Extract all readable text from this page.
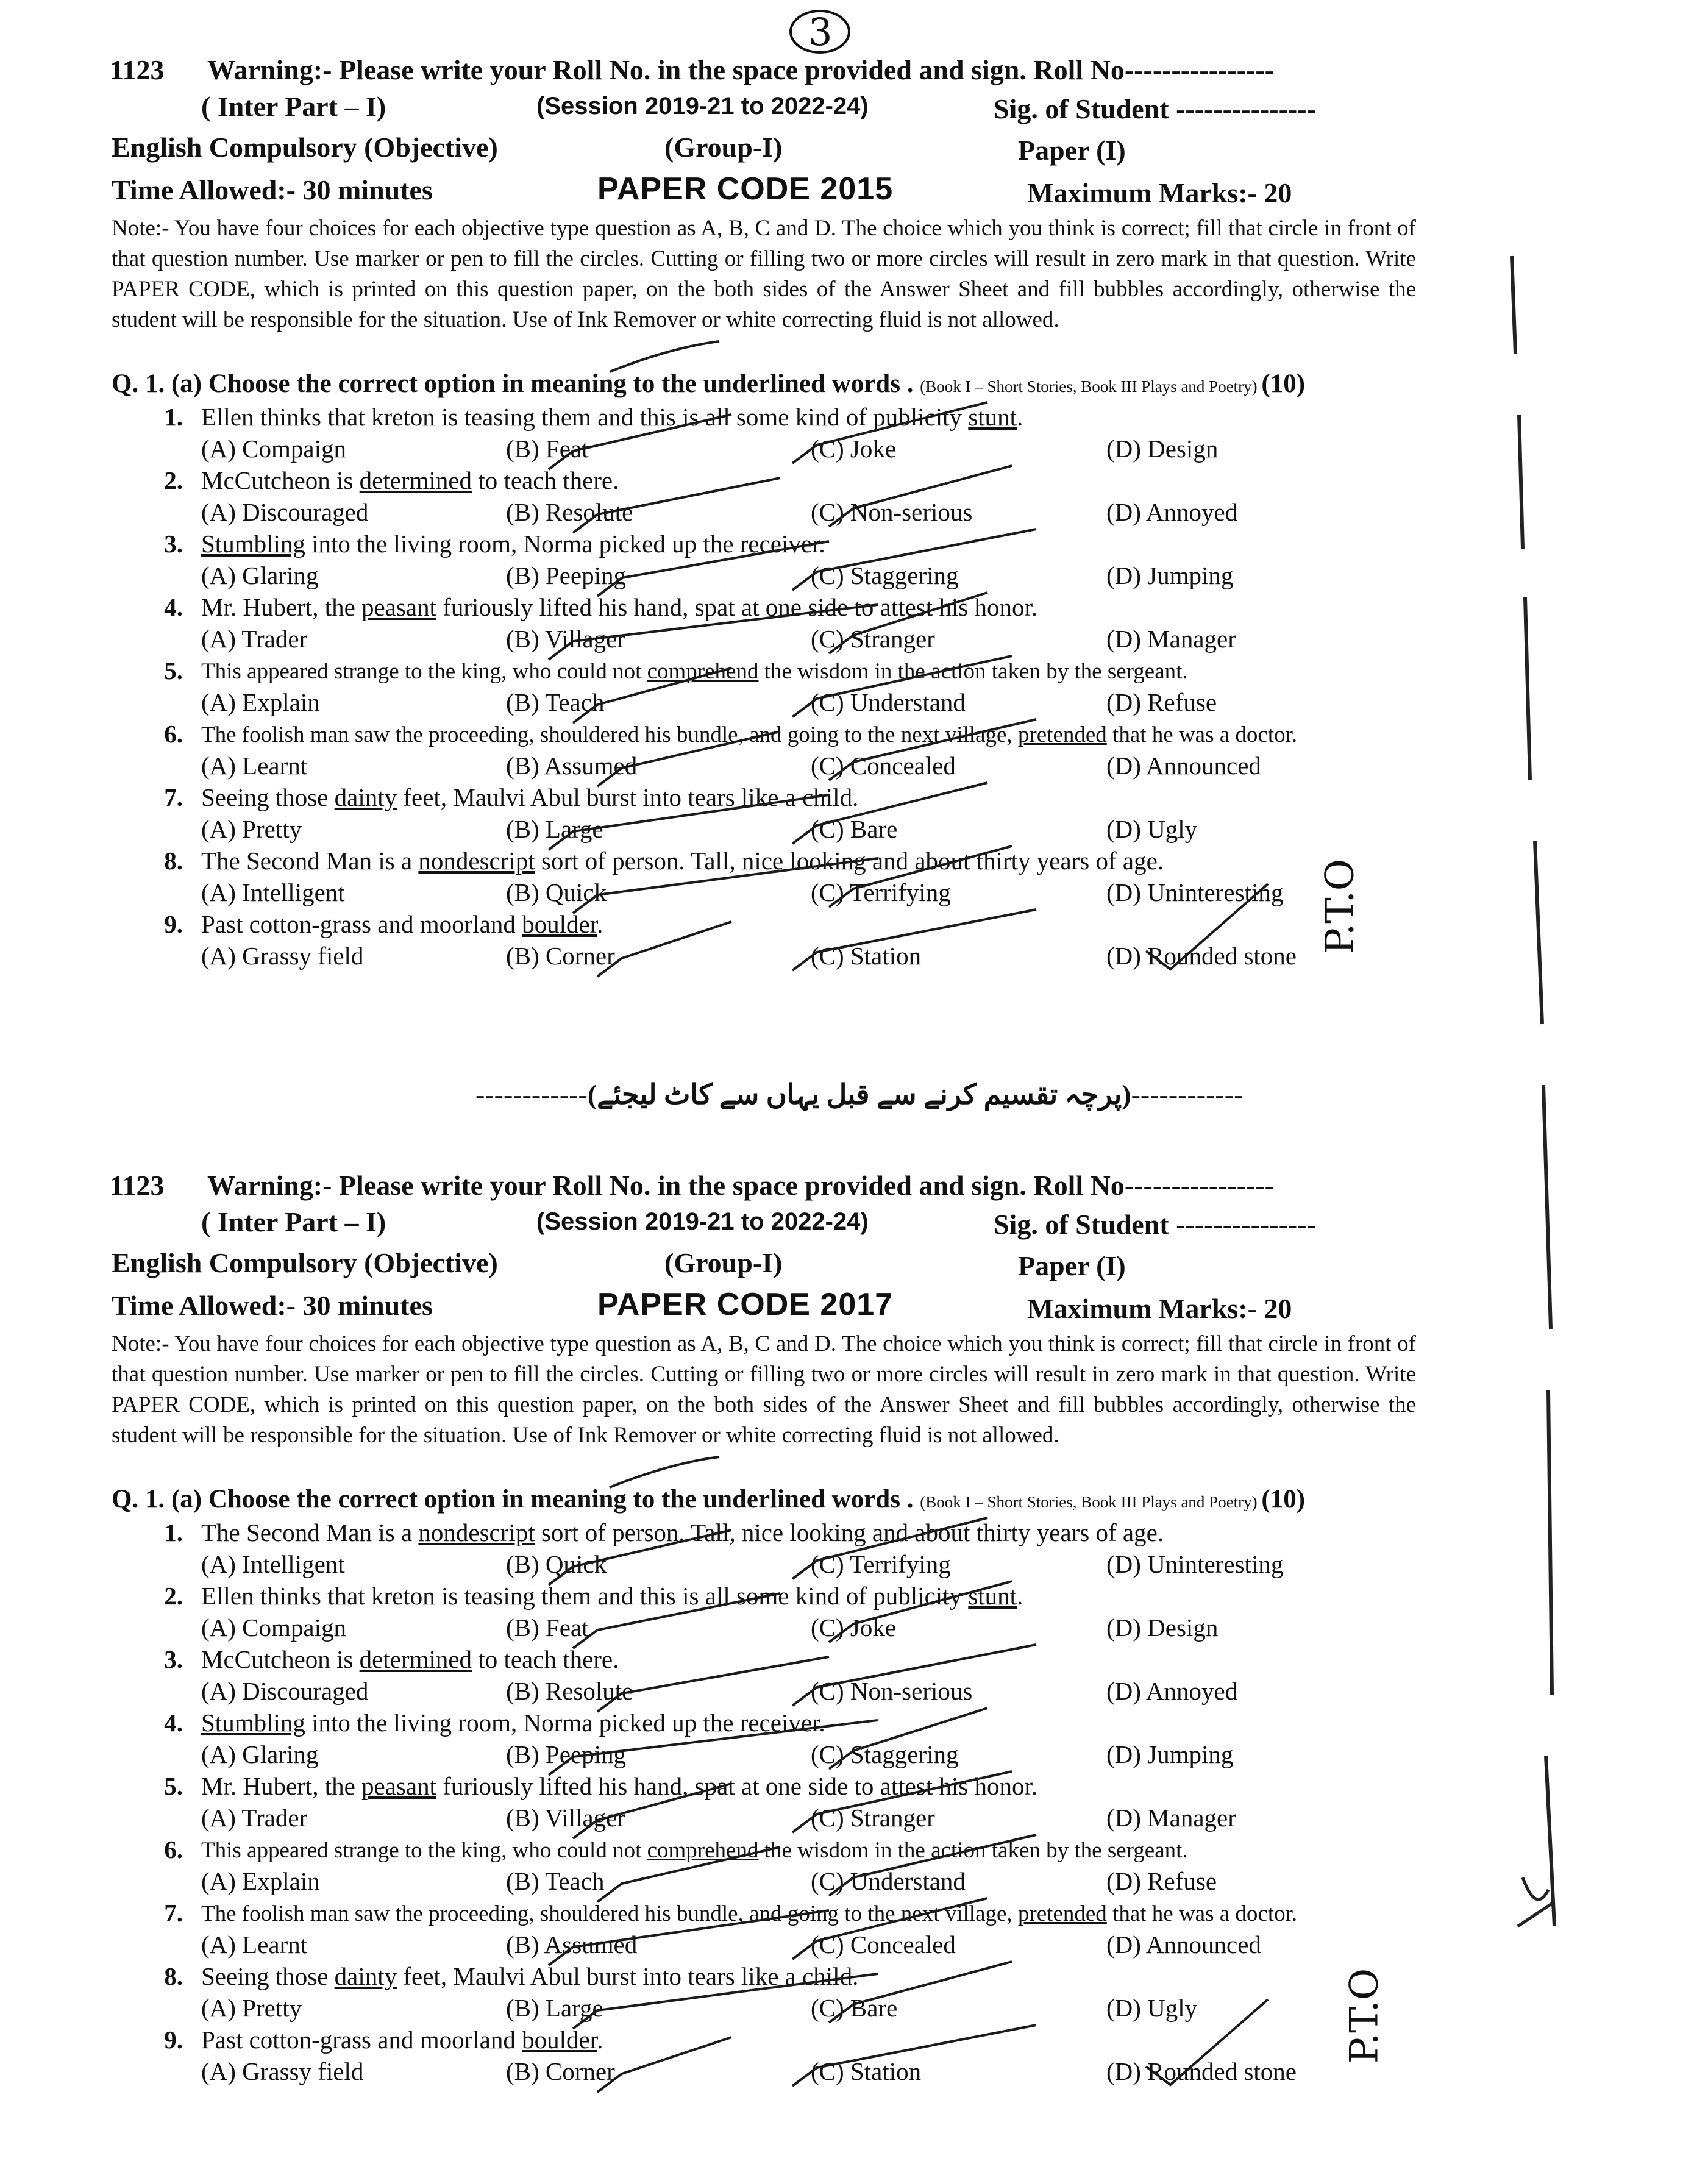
3
1123 Warning:- Please write your Roll No. in the space provided and sign. Roll No----------------
( Inter Part – I)	(Session 2019-21 to 2022-24)	Sig. of Student ---------------
English Compulsory (Objective)	(Group-I)	Paper (I)
Time Allowed:- 30 minutes	PAPER CODE 2015	Maximum Marks:- 20
Note:- You have four choices for each objective type question as A, B, C and D. The choice which you think is correct; fill that circle in front of that question number. Use marker or pen to fill the circles. Cutting or filling two or more circles will result in zero mark in that question. Write PAPER CODE, which is printed on this question paper, on the both sides of the Answer Sheet and fill bubbles accordingly, otherwise the student will be responsible for the situation. Use of Ink Remover or white correcting fluid is not allowed.
Q. 1. (a) Choose the correct option in meaning to the underlined words . (Book I – Short Stories, Book III Plays and Poetry) (10)
1. Ellen thinks that kreton is teasing them and this is all some kind of publicity stunt.
(A) Compaign	(B) Feat	(C) Joke	(D) Design
2. McCutcheon is determined to teach there.
(A) Discouraged	(B) Resolute	(C) Non-serious	(D) Annoyed
3. Stumbling into the living room, Norma picked up the receiver.
(A) Glaring	(B) Peeping	(C) Staggering	(D) Jumping
4. Mr. Hubert, the peasant furiously lifted his hand, spat at one side to attest his honor.
(A) Trader	(B) Villager	(C) Stranger	(D) Manager
5. This appeared strange to the king, who could not comprehend the wisdom in the action taken by the sergeant.
(A) Explain	(B) Teach	(C) Understand	(D) Refuse
6. The foolish man saw the proceeding, shouldered his bundle, and going to the next village, pretended that he was a doctor.
(A) Learnt	(B) Assumed	(C) Concealed	(D) Announced
7. Seeing those dainty feet, Maulvi Abul burst into tears like a child.
(A) Pretty	(B) Large	(C) Bare	(D) Ugly
8. The Second Man is a nondescript sort of person. Tall, nice looking and about thirty years of age.
(A) Intelligent	(B) Quick	(C) Terrifying	(D) Uninteresting
9. Past cotton-grass and moorland boulder.
(A) Grassy field	(B) Corner	(C) Station	(D) Rounded stone
1123 Warning:- Please write your Roll No. in the space provided and sign. Roll No----------------
( Inter Part – I)	(Session 2019-21 to 2022-24)	Sig. of Student ---------------
English Compulsory (Objective)	(Group-I)	Paper (I)
Time Allowed:- 30 minutes	PAPER CODE 2017	Maximum Marks:- 20
Note:- You have four choices for each objective type question as A, B, C and D. The choice which you think is correct; fill that circle in front of that question number. Use marker or pen to fill the circles. Cutting or filling two or more circles will result in zero mark in that question. Write PAPER CODE, which is printed on this question paper, on the both sides of the Answer Sheet and fill bubbles accordingly, otherwise the student will be responsible for the situation. Use of Ink Remover or white correcting fluid is not allowed.
Q. 1. (a) Choose the correct option in meaning to the underlined words . (Book I – Short Stories, Book III Plays and Poetry) (10)
1. The Second Man is a nondescript sort of person. Tall, nice looking and about thirty years of age.
(A) Intelligent	(B) Quick	(C) Terrifying	(D) Uninteresting
2. Ellen thinks that kreton is teasing them and this is all some kind of publicity stunt.
(A) Compaign	(B) Feat	(C) Joke	(D) Design
3. McCutcheon is determined to teach there.
(A) Discouraged	(B) Resolute	(C) Non-serious	(D) Annoyed
4. Stumbling into the living room, Norma picked up the receiver.
(A) Glaring	(B) Peeping	(C) Staggering	(D) Jumping
5. Mr. Hubert, the peasant furiously lifted his hand, spat at one side to attest his honor.
(A) Trader	(B) Villager	(C) Stranger	(D) Manager
6. This appeared strange to the king, who could not comprehend the wisdom in the action taken by the sergeant.
(A) Explain	(B) Teach	(C) Understand	(D) Refuse
7. The foolish man saw the proceeding, shouldered his bundle, and going to the next village, pretended that he was a doctor.
(A) Learnt	(B) Assumed	(C) Concealed	(D) Announced
8. Seeing those dainty feet, Maulvi Abul burst into tears like a child.
(A) Pretty	(B) Large	(C) Bare	(D) Ugly
9. Past cotton-grass and moorland boulder.
(A) Grassy field	(B) Corner	(C) Station	(D) Rounded stone
------------(پرچہ تقسیم کرنے سے قبل یہاں سے کاٹ لیجئے)------------
P.T.O
P.T.O
